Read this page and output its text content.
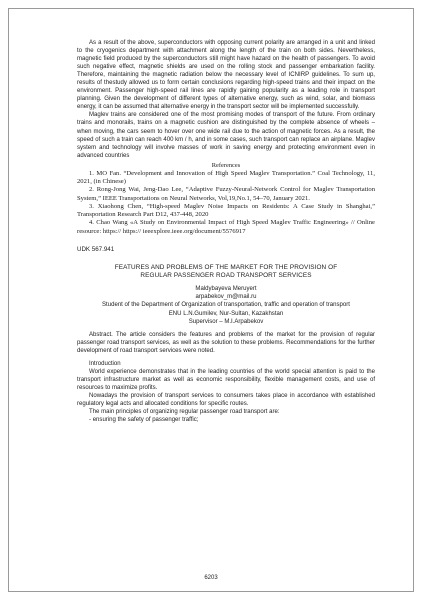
As a result of the above, superconductors with opposing current polarity are arranged in a unit and linked to the cryogenics department with attachment along the length of the train on both sides. Nevertheless, magnetic field produced by the superconductors still might have hazard on the health of passengers. To avoid such negative effect, magnetic shields are used on the rolling stock and passenger embarkation facility. Therefore, maintaining the magnetic radiation below the necessary level of ICNIRP guidelines. To sum up, results of thestudy allowed us to form certain conclusions regarding high-speed trains and their impact on the environment. Passenger high-speed rail lines are rapidly gaining popularity as a leading role in transport planning. Given the development of different types of alternative energy, such as wind, solar, and biomass energy, it can be assumed that alternative energy in the transport sector will be implemented successfully.

Maglev trains are considered one of the most promising modes of transport of the future. From ordinary trains and monorails, trains on a magnetic cushion are distinguished by the complete absence of wheels – when moving, the cars seem to hover over one wide rail due to the action of magnetic forces. As a result, the speed of such a train can reach 400 km / h, and in some cases, such transport can replace an airplane. Maglev system and technology will involve masses of work in saving energy and protecting environment even in advanced countries

References

1. MO Fan. “Development and Innovation of High Speed Maglev Transportation.” Coal Technology, 11, 2021, (in Chinese)

2. Rong-Jong Wai, Jeng-Dao Lee, “Adaptive Fuzzy-Neural-Network Control for Maglev Transportation System,” IEEE Transportations on Neural Networks, Vol,19,No.1, 54–70, January 2021.

3. Xiaohong Chen, “High-speed Maglev Noise Impacts on Residents: A Case Study in Shanghai,” Transportation Research Part D12, 437-448, 2020

4. Chao Wang «A Study on Environmental Impact of High Speed Maglev Traffic Engineering» // Online resource: https:// https:// ieeexplore.ieee.org/document/5576917

UDK 567.941

FEATURES AND PROBLEMS OF THE MARKET FOR THE PROVISION OF
REGULAR PASSENGER ROAD TRANSPORT SERVICES
Maldybayeva Meruyert
arpabekov_m@mail.ru
Student of the Department of Organization of transportation, traffic and operation of transport
ENU L.N.Gumilev, Nur-Sultan, Kazakhstan
Supervisor – M.I.Arpabekov

Abstract. The article considers the features and problems of the market for the provision of regular passenger road transport services, as well as the solution to these problems. Recommendations for the further development of road transport services were noted.

Introduction

World experience demonstrates that in the leading countries of the world special attention is paid to the transport infrastructure market as well as economic responsibility, flexible management costs, and use of resources to maximize profits.

Nowadays the provision of transport services to consumers takes place in accordance with established regulatory legal acts and allocated conditions for specific routes.

The main principles of organizing regular passenger road transport are:

- ensuring the safety of passenger traffic;

6203
